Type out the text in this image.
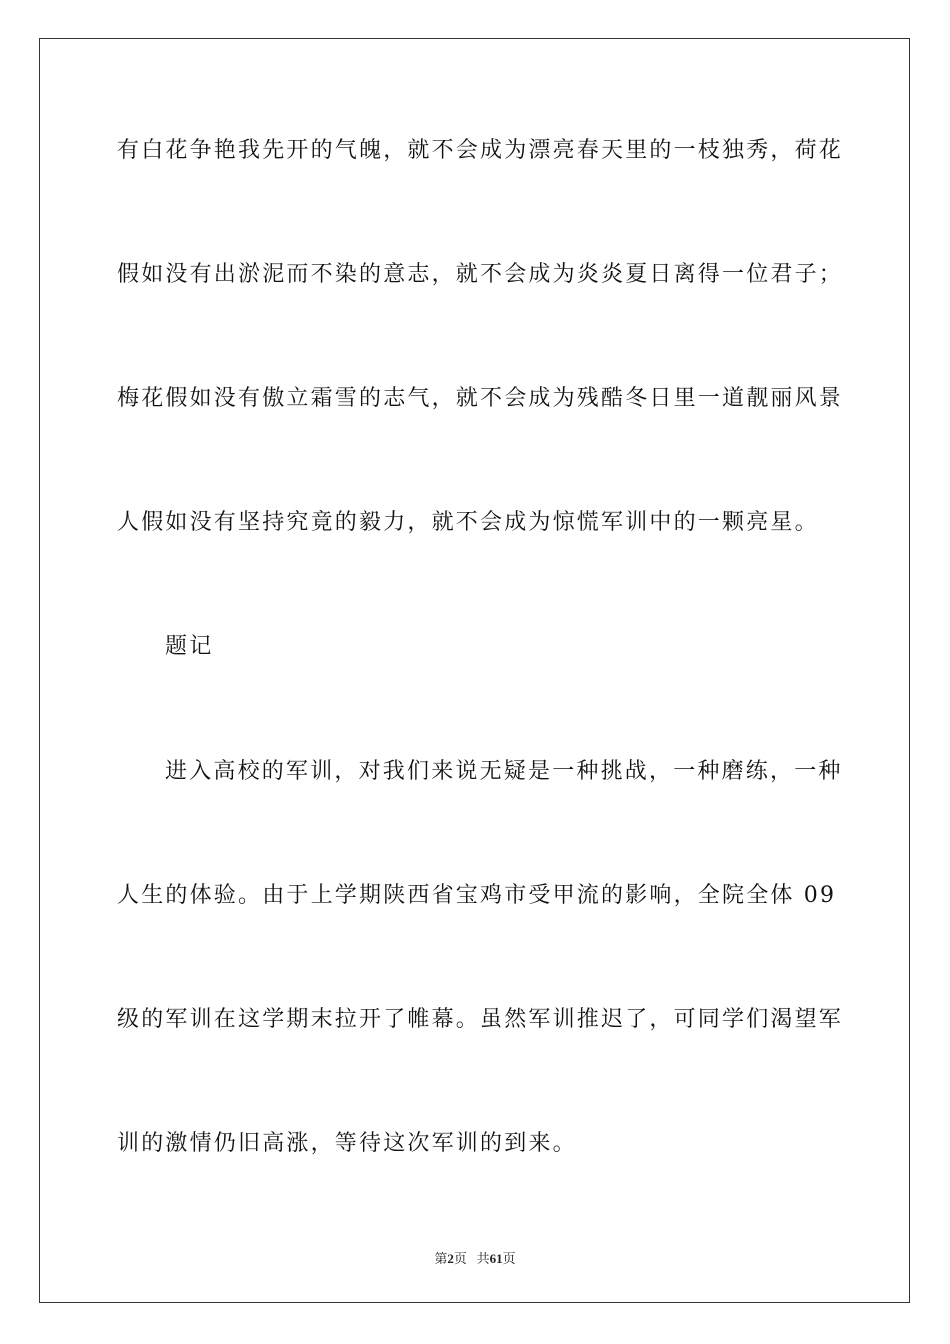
有白花争艳我先开的气魄，就不会成为漂亮春天里的一枝独秀，荷花
假如没有出淤泥而不染的意志，就不会成为炎炎夏日离得一位君子；
梅花假如没有傲立霜雪的志气，就不会成为残酷冬日里一道靓丽风景
人假如没有坚持究竟的毅力，就不会成为惊慌军训中的一颗亮星。
题记
进入高校的军训，对我们来说无疑是一种挑战，一种磨练，一种
人生的体验。由于上学期陕西省宝鸡市受甲流的影响，全院全体 09
级的军训在这学期末拉开了帷幕。虽然军训推迟了，可同学们渴望军
训的激情仍旧高涨，等待这次军训的到来。
第2页 共61页
